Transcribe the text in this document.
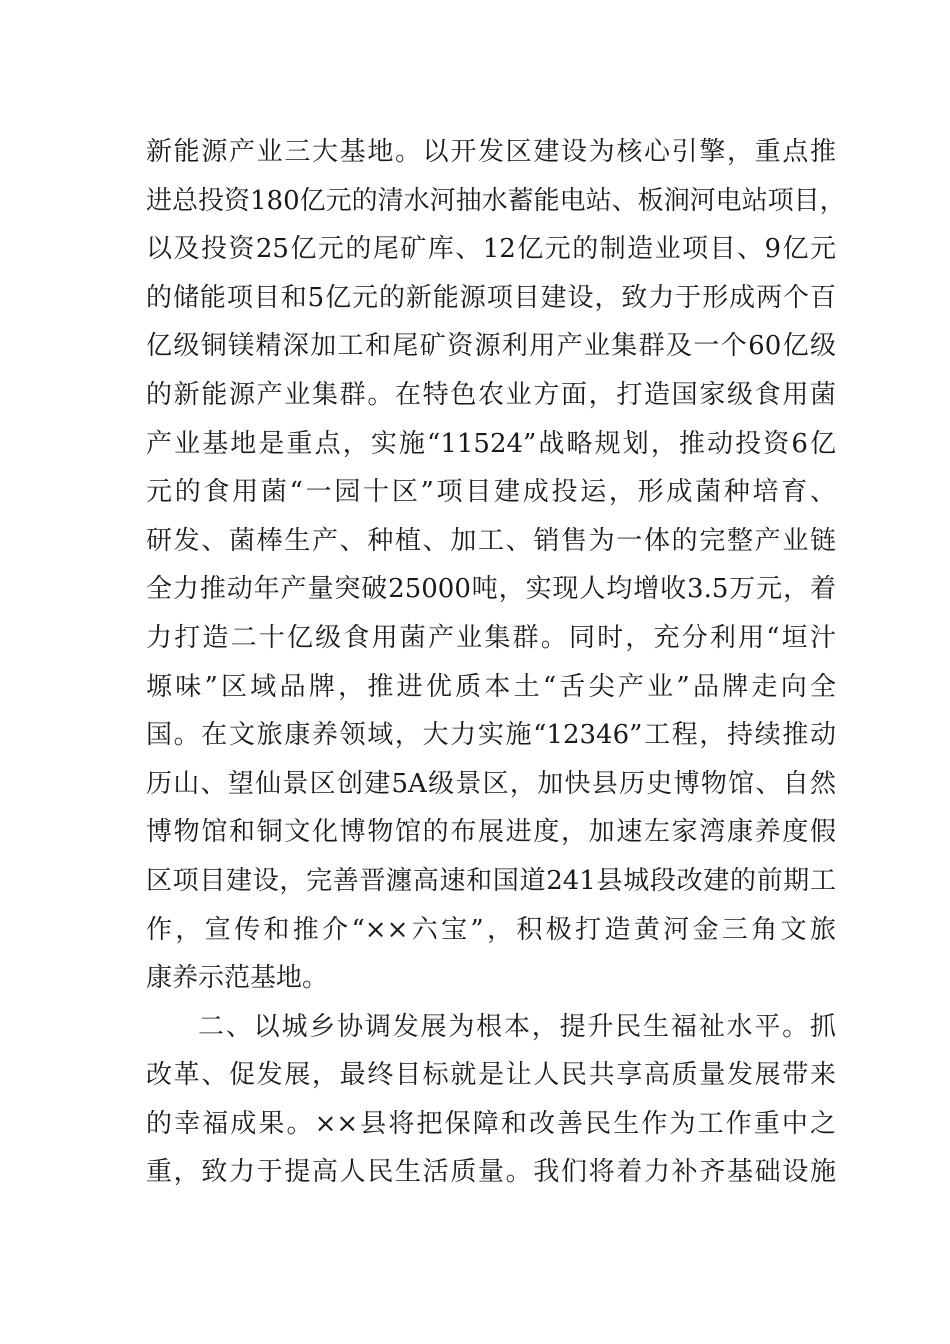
新能源产业三大基地。以开发区建设为核心引擎，重点推
进总投资180亿元的清水河抽水蓄能电站、板涧河电站项目，
以及投资25亿元的尾矿库、12亿元的制造业项目、9亿元
的储能项目和5亿元的新能源项目建设，致力于形成两个百
亿级铜镁精深加工和尾矿资源利用产业集群及一个60亿级
的新能源产业集群。在特色农业方面，打造国家级食用菌
产业基地是重点，实施“11524”战略规划，推动投资6亿
元的食用菌“一园十区”项目建成投运，形成菌种培育、
研发、菌棒生产、种植、加工、销售为一体的完整产业链
全力推动年产量突破25000吨，实现人均增收3.5万元，着
力打造二十亿级食用菌产业集群。同时，充分利用“垣汁
塬味”区域品牌，推进优质本土“舌尖产业”品牌走向全
国。在文旅康养领域，大力实施“12346”工程，持续推动
历山、望仙景区创建5A级景区，加快县历史博物馆、自然
博物馆和铜文化博物馆的布展进度，加速左家湾康养度假
区项目建设，完善晋瀍高速和国道241县城段改建的前期工
作，宣传和推介“××六宝”，积极打造黄河金三角文旅
康养示范基地。
二、以城乡协调发展为根本，提升民生福祉水平。抓
改革、促发展，最终目标就是让人民共享高质量发展带来
的幸福成果。××县将把保障和改善民生作为工作重中之
重，致力于提高人民生活质量。我们将着力补齐基础设施
